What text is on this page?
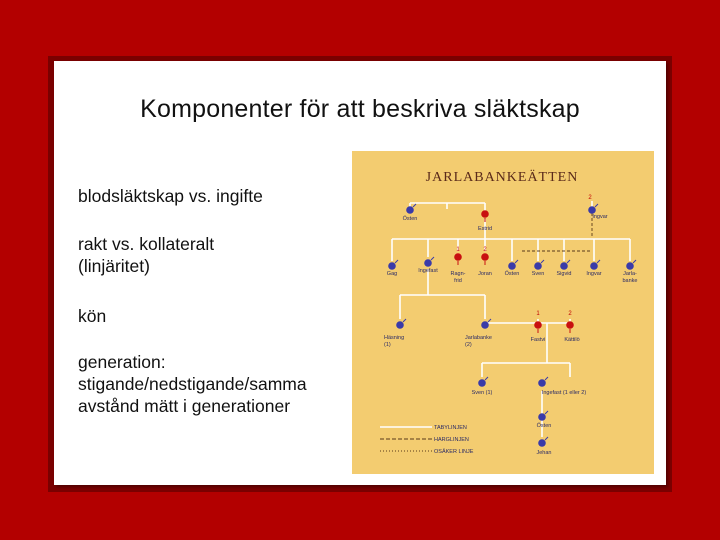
Komponenter för att beskriva släktskap
blodsläktskap vs. ingifte
rakt vs. kollateralt
(linjäritet)
kön
generation:
stigande/nedstigande/samma
avstånd mätt i generationer
JARLABANKEÄTTEN
2
1	2
1	2
Östen
Estrid
Ingvar
Gag	Ingefast Ragn-
frid
Joran Östen Sven Sigvid	Ingvar	Jarla-
banke
Häsning
(1)
Jarlabanke
(2)
Fastvi	Kättilö
Sven (1)	Ingefast (1 eller 2)
Östen
Jehan
TABYLINJEN
HARGLINJEN
OSÄKER LINJE
